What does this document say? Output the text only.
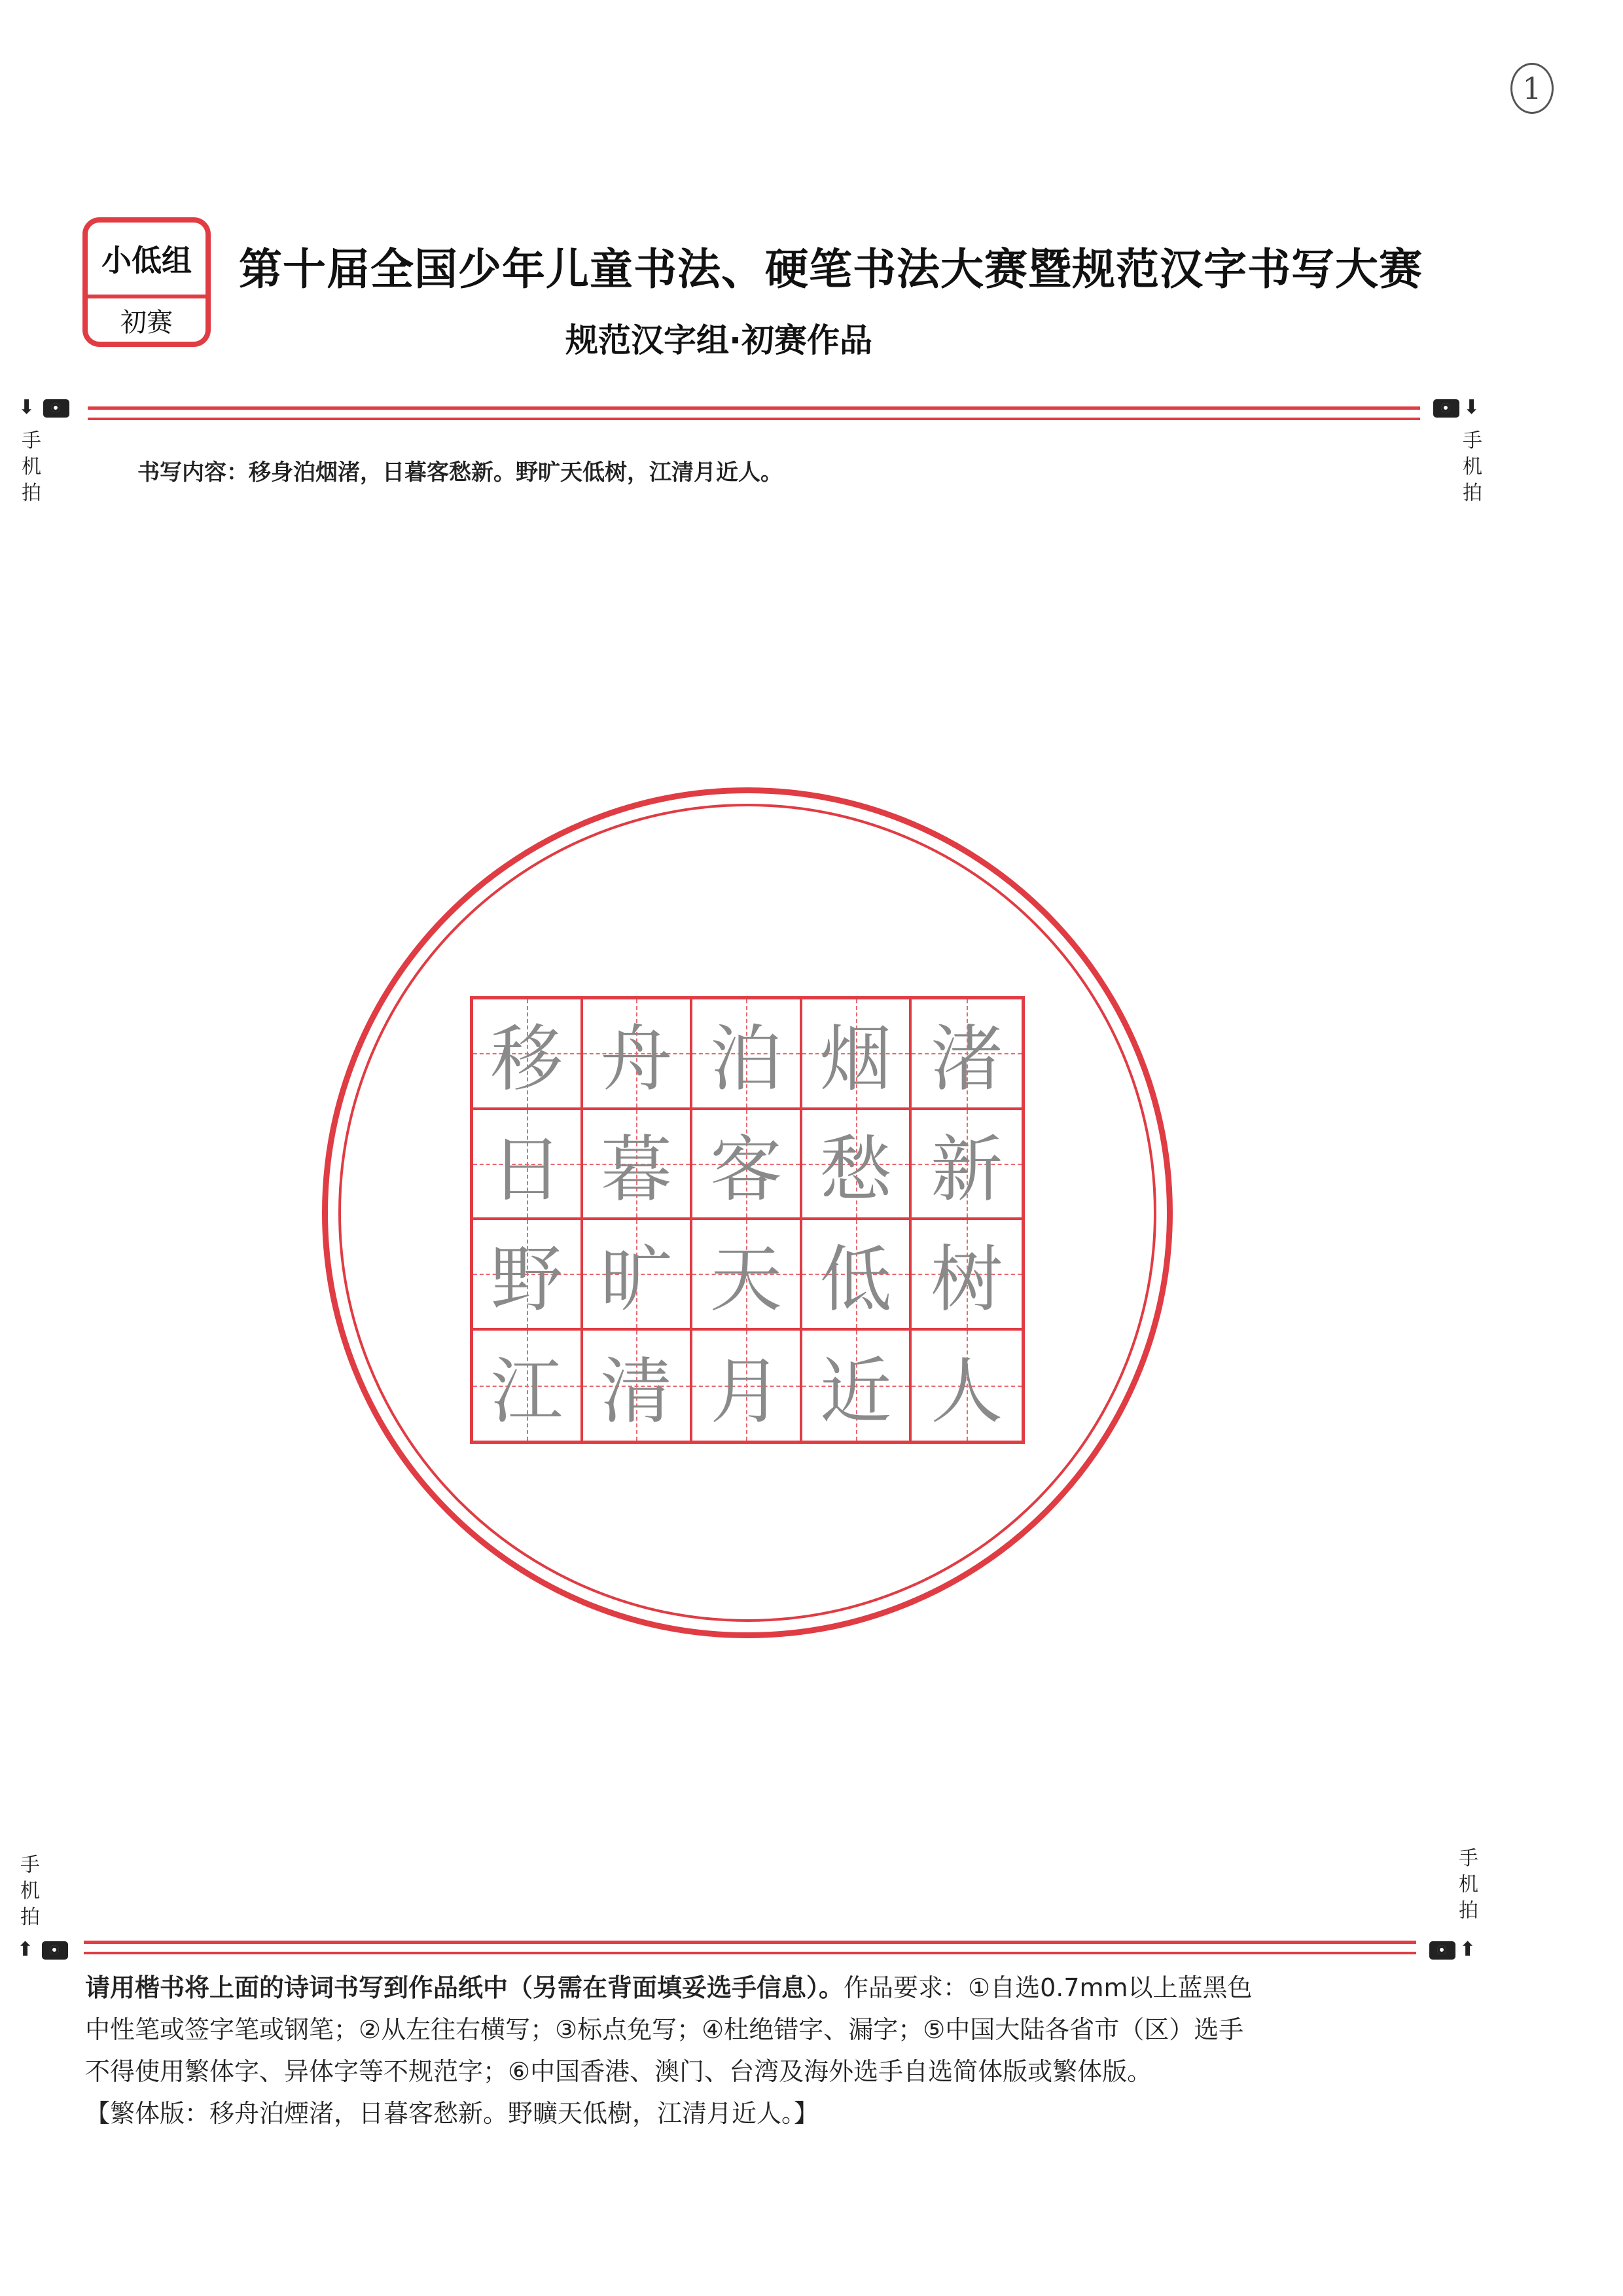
1
小低组
初赛
第十届全国少年儿童书法、硬笔书法大赛暨规范汉字书写大赛
规范汉字组·初赛作品
⬇
手
机
拍
⬇
手
机
拍
书写内容：移身泊烟渚，日暮客愁新。野旷天低树，江清月近人。
移 舟 泊 烟 渚
日 暮 客 愁 新
野 旷 天 低 树
江 清 月 近 人
手
机
拍
⬆
手
机
拍
⬆

请用楷书将上面的诗词书写到作品纸中（另需在背面填妥选手信息）。作品要求：①自选0.7mm以上蓝黑色

中性笔或签字笔或钢笔；②从左往右横写；③标点免写；④杜绝错字、漏字；⑤中国大陆各省市（区）选手

不得使用繁体字、异体字等不规范字；⑥中国香港、澳门、台湾及海外选手自选简体版或繁体版。

【繁体版：移舟泊煙渚，日暮客愁新。野曠天低樹，江清月近人。】
